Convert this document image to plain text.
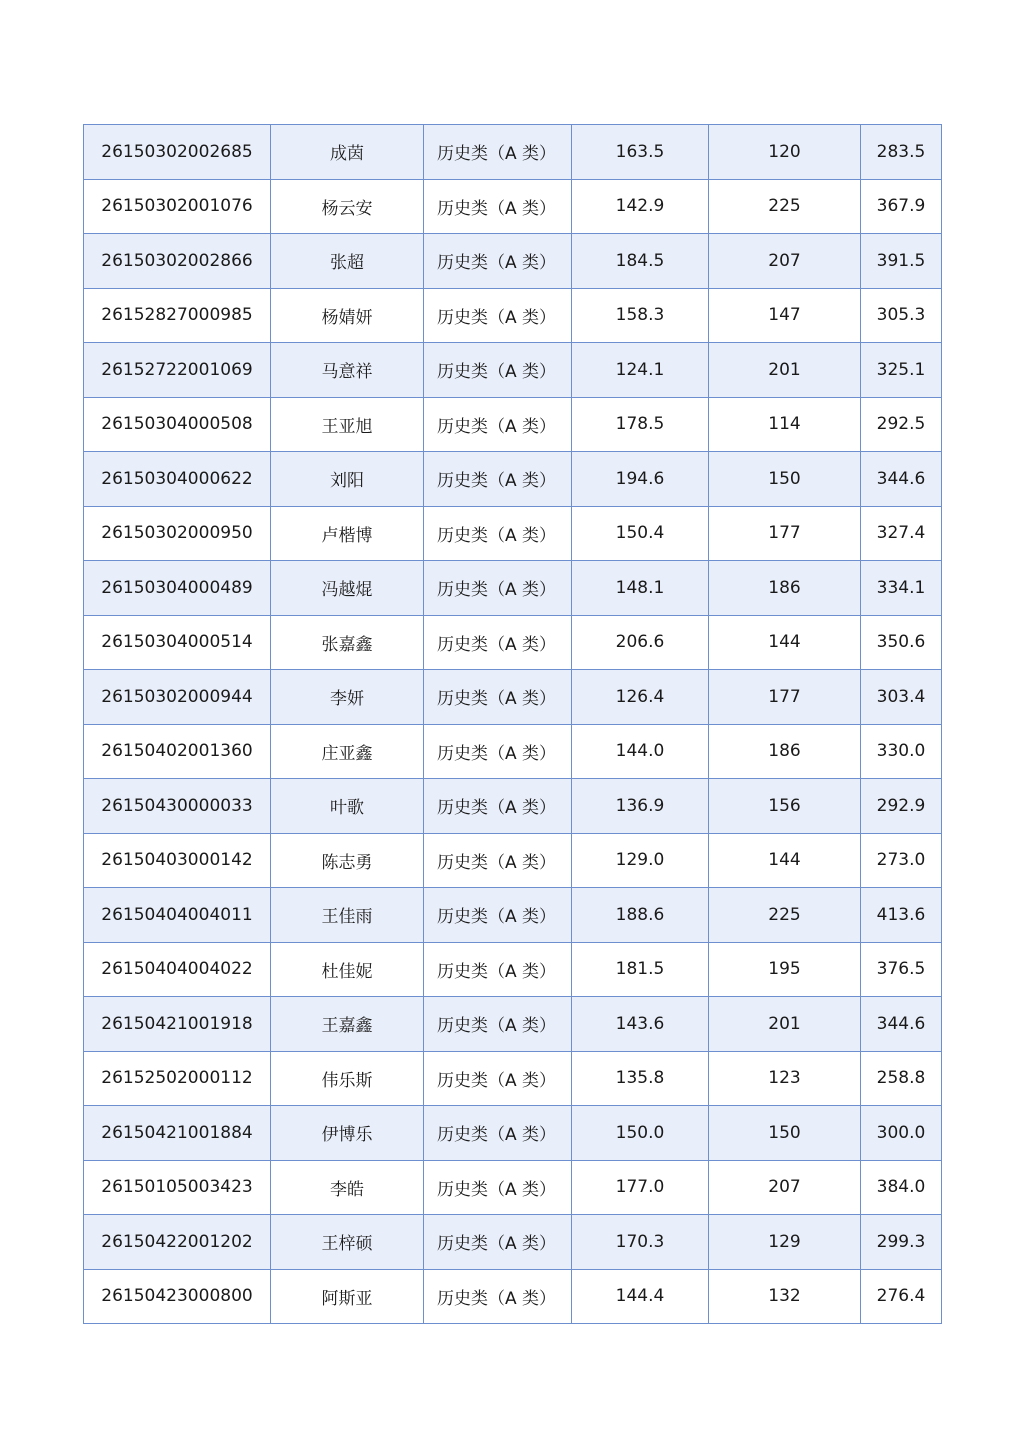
26150302002685	成茵	历史类（A 类）	163.5	120	283.5
26150302001076	杨云安	历史类（A 类）	142.9	225	367.9
26150302002866	张超	历史类（A 类）	184.5	207	391.5
26152827000985	杨婧妍	历史类（A 类）	158.3	147	305.3
26152722001069	马意祥	历史类（A 类）	124.1	201	325.1
26150304000508	王亚旭	历史类（A 类）	178.5	114	292.5
26150304000622	刘阳	历史类（A 类）	194.6	150	344.6
26150302000950	卢楷博	历史类（A 类）	150.4	177	327.4
26150304000489	冯越焜	历史类（A 类）	148.1	186	334.1
26150304000514	张嘉鑫	历史类（A 类）	206.6	144	350.6
26150302000944	李妍	历史类（A 类）	126.4	177	303.4
26150402001360	庄亚鑫	历史类（A 类）	144.0	186	330.0
26150430000033	叶歌	历史类（A 类）	136.9	156	292.9
26150403000142	陈志勇	历史类（A 类）	129.0	144	273.0
26150404004011	王佳雨	历史类（A 类）	188.6	225	413.6
26150404004022	杜佳妮	历史类（A 类）	181.5	195	376.5
26150421001918	王嘉鑫	历史类（A 类）	143.6	201	344.6
26152502000112	伟乐斯	历史类（A 类）	135.8	123	258.8
26150421001884	伊博乐	历史类（A 类）	150.0	150	300.0
26150105003423	李皓	历史类（A 类）	177.0	207	384.0
26150422001202	王梓硕	历史类（A 类）	170.3	129	299.3
26150423000800	阿斯亚	历史类（A 类）	144.4	132	276.4
